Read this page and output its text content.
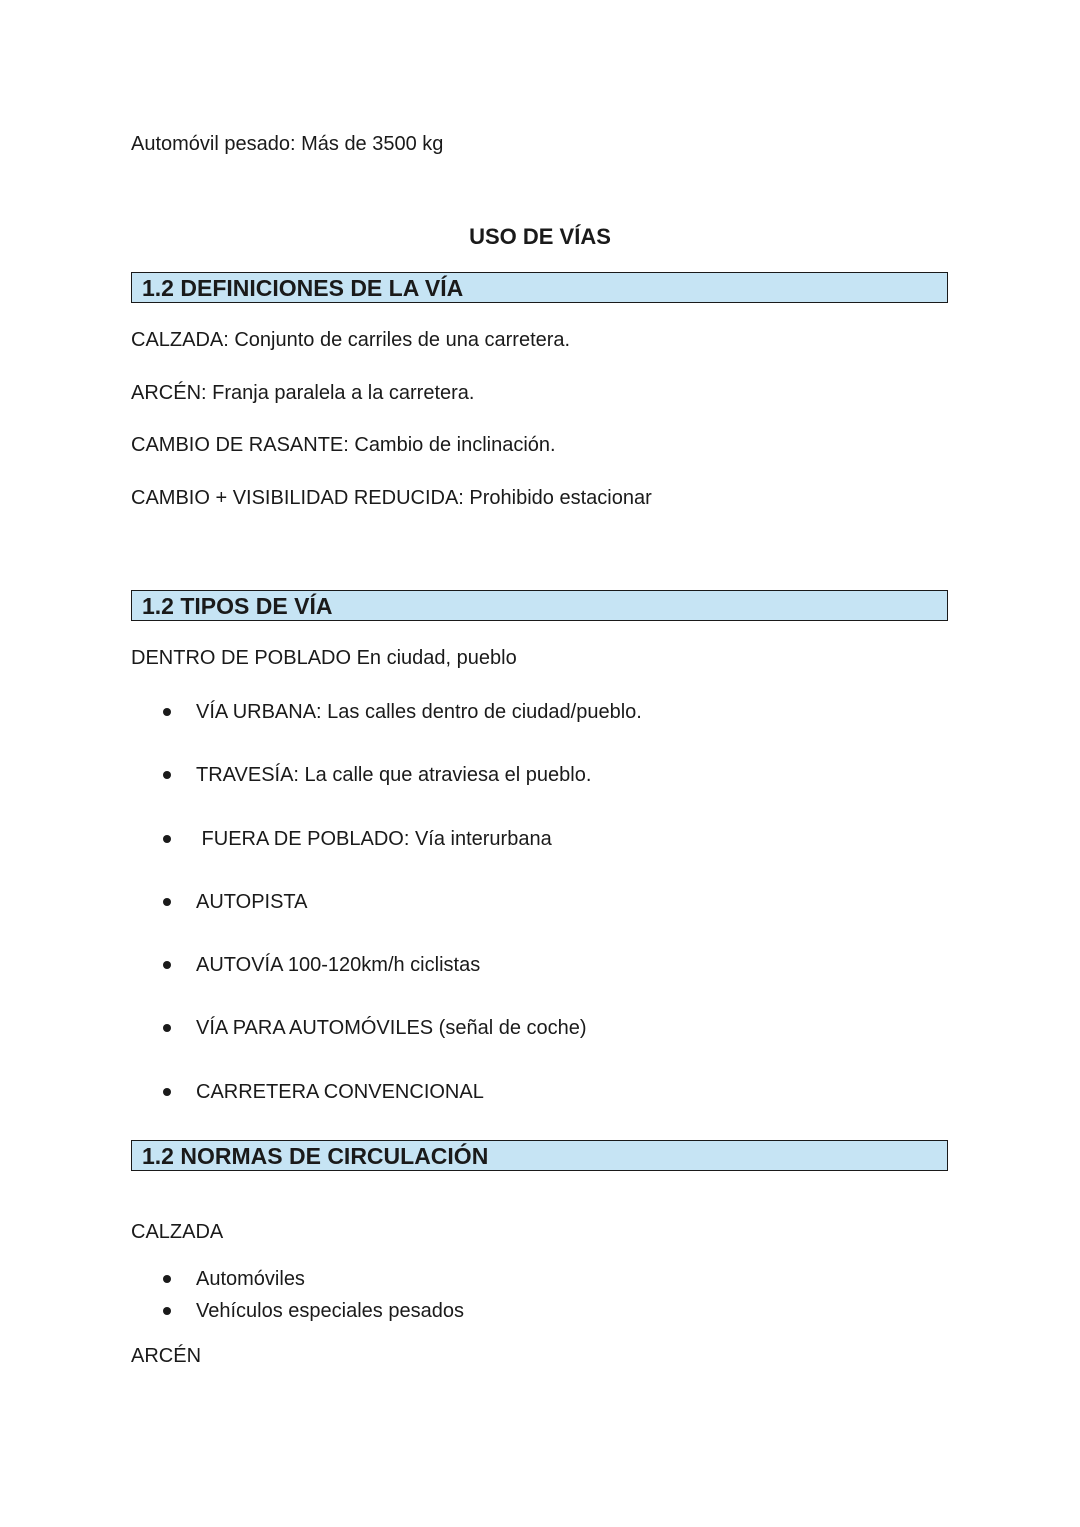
Automóvil pesado: Más de 3500 kg
USO DE VÍAS
1.2 DEFINICIONES DE LA VÍA
CALZADA: Conjunto de carriles de una carretera.
ARCÉN: Franja paralela a la carretera.
CAMBIO DE RASANTE: Cambio de inclinación.
CAMBIO + VISIBILIDAD REDUCIDA: Prohibido estacionar
1.2 TIPOS DE VÍA
DENTRO DE POBLADO En ciudad, pueblo
VÍA URBANA: Las calles dentro de ciudad/pueblo.
TRAVESÍA: La calle que atraviesa el pueblo.
FUERA DE POBLADO: Vía interurbana
AUTOPISTA
AUTOVÍA 100-120km/h ciclistas
VÍA PARA AUTOMÓVILES (señal de coche)
CARRETERA CONVENCIONAL
1.2 NORMAS DE CIRCULACIÓN
CALZADA
Automóviles
Vehículos especiales pesados
ARCÉN
